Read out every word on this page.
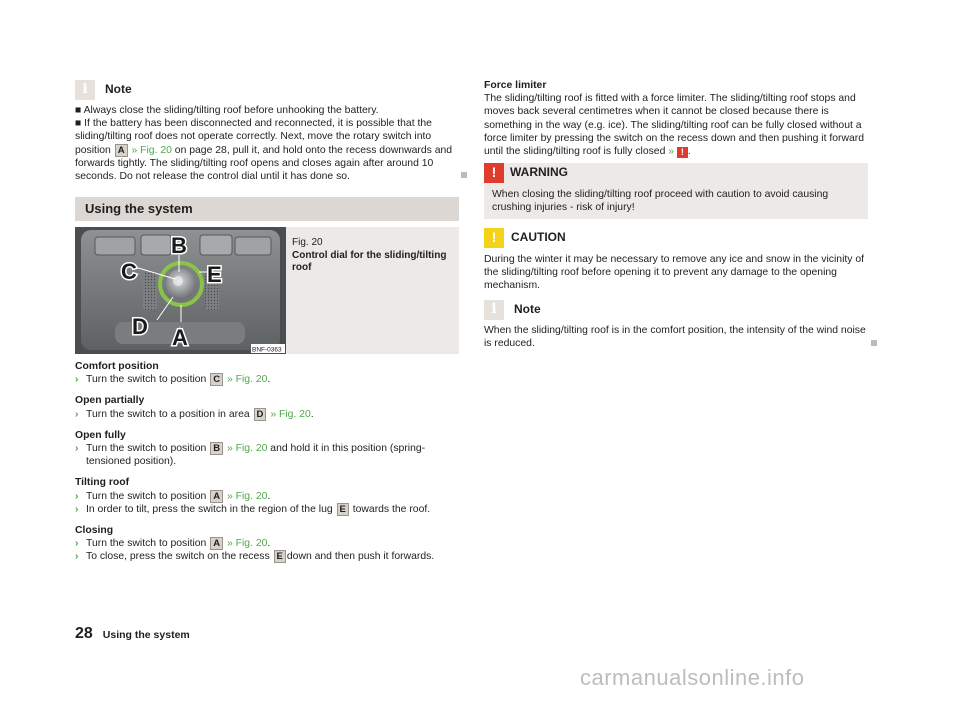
i	Note

■ Always close the sliding/tilting roof before unhooking the battery.

■ If the battery has been disconnected and reconnected, it is possible that the sliding/tilting roof does not operate correctly. Next, move the rotary switch into position A » Fig. 20 on page 28, pull it, and hold onto the recess downwards and forwards tightly. The sliding/tilting roof opens and closes again after around 10 seconds. Do not release the control dial until it has done so.

Using the system
B
C	E
D A	BNF-0363
Fig. 20
Control dial for the sliding/tilting roof
Comfort position
› Turn the switch to position C » Fig. 20.
Open partially
› Turn the switch to a position in area D » Fig. 20.
Open fully
› Turn the switch to position B » Fig. 20 and hold it in this position (spring-tensioned position).
Tilting roof
› Turn the switch to position A » Fig. 20.
› In order to tilt, press the switch in the region of the lug E towards the roof.
Closing
› Turn the switch to position A » Fig. 20.
› To close, press the switch on the recess E down and then push it forwards.
Force limiter

The sliding/tilting roof is fitted with a force limiter. The sliding/tilting roof stops and moves back several centimetres when it cannot be closed because there is something in the way (e.g. ice). The sliding/tilting roof can be fully closed without a force limiter by pressing the switch on the recess down and then pushing it forward until the sliding/tilting roof is fully closed » ! .

!	WARNING
When closing the sliding/tilting roof proceed with caution to avoid causing crushing injuries - risk of injury!
!	CAUTION
During the winter it may be necessary to remove any ice and snow in the vicinity of the sliding/tilting roof before opening it to prevent any damage to the opening mechanism.
i	Note
When the sliding/tilting roof is in the comfort position, the intensity of the wind noise is reduced.
28 Using the system
carmanualsonline.info
